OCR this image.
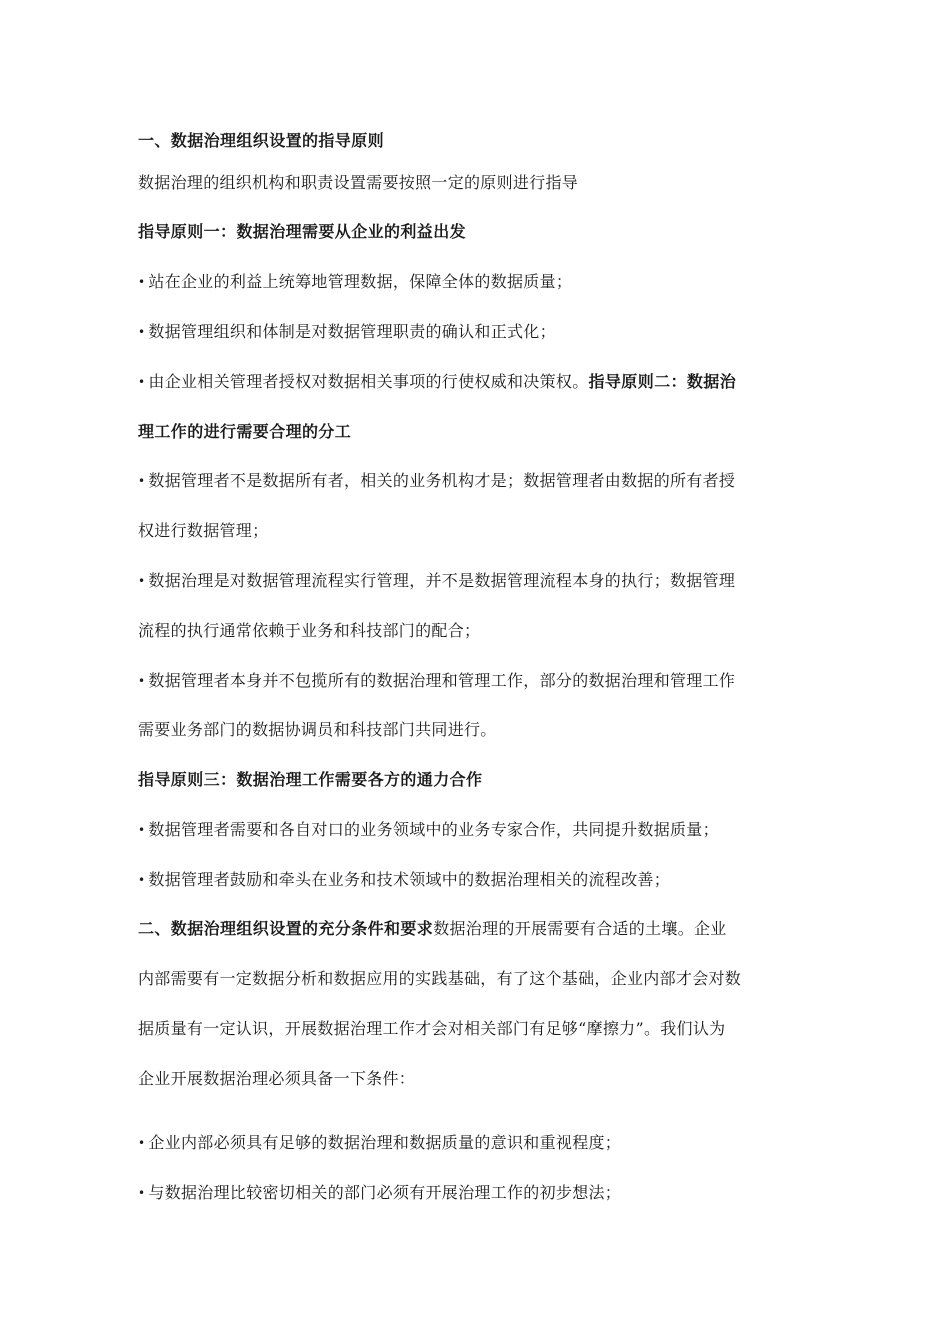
一、数据治理组织设置的指导原则
数据治理的组织机构和职责设置需要按照一定的原则进行指导
指导原则一：数据治理需要从企业的利益出发
• 站在企业的利益上统筹地管理数据，保障全体的数据质量；
• 数据管理组织和体制是对数据管理职责的确认和正式化；
• 由企业相关管理者授权对数据相关事项的行使权威和决策权。指导原则二：数据治
理工作的进行需要合理的分工
• 数据管理者不是数据所有者，相关的业务机构才是；数据管理者由数据的所有者授
权进行数据管理；
• 数据治理是对数据管理流程实行管理，并不是数据管理流程本身的执行；数据管理
流程的执行通常依赖于业务和科技部门的配合；
• 数据管理者本身并不包揽所有的数据治理和管理工作，部分的数据治理和管理工作
需要业务部门的数据协调员和科技部门共同进行。
指导原则三：数据治理工作需要各方的通力合作
• 数据管理者需要和各自对口的业务领域中的业务专家合作，共同提升数据质量；
• 数据管理者鼓励和牵头在业务和技术领域中的数据治理相关的流程改善；
二、数据治理组织设置的充分条件和要求数据治理的开展需要有合适的土壤。企业
内部需要有一定数据分析和数据应用的实践基础，有了这个基础，企业内部才会对数
据质量有一定认识，开展数据治理工作才会对相关部门有足够“摩擦力”。我们认为
企业开展数据治理必须具备一下条件：
• 企业内部必须具有足够的数据治理和数据质量的意识和重视程度；
• 与数据治理比较密切相关的部门必须有开展治理工作的初步想法；
